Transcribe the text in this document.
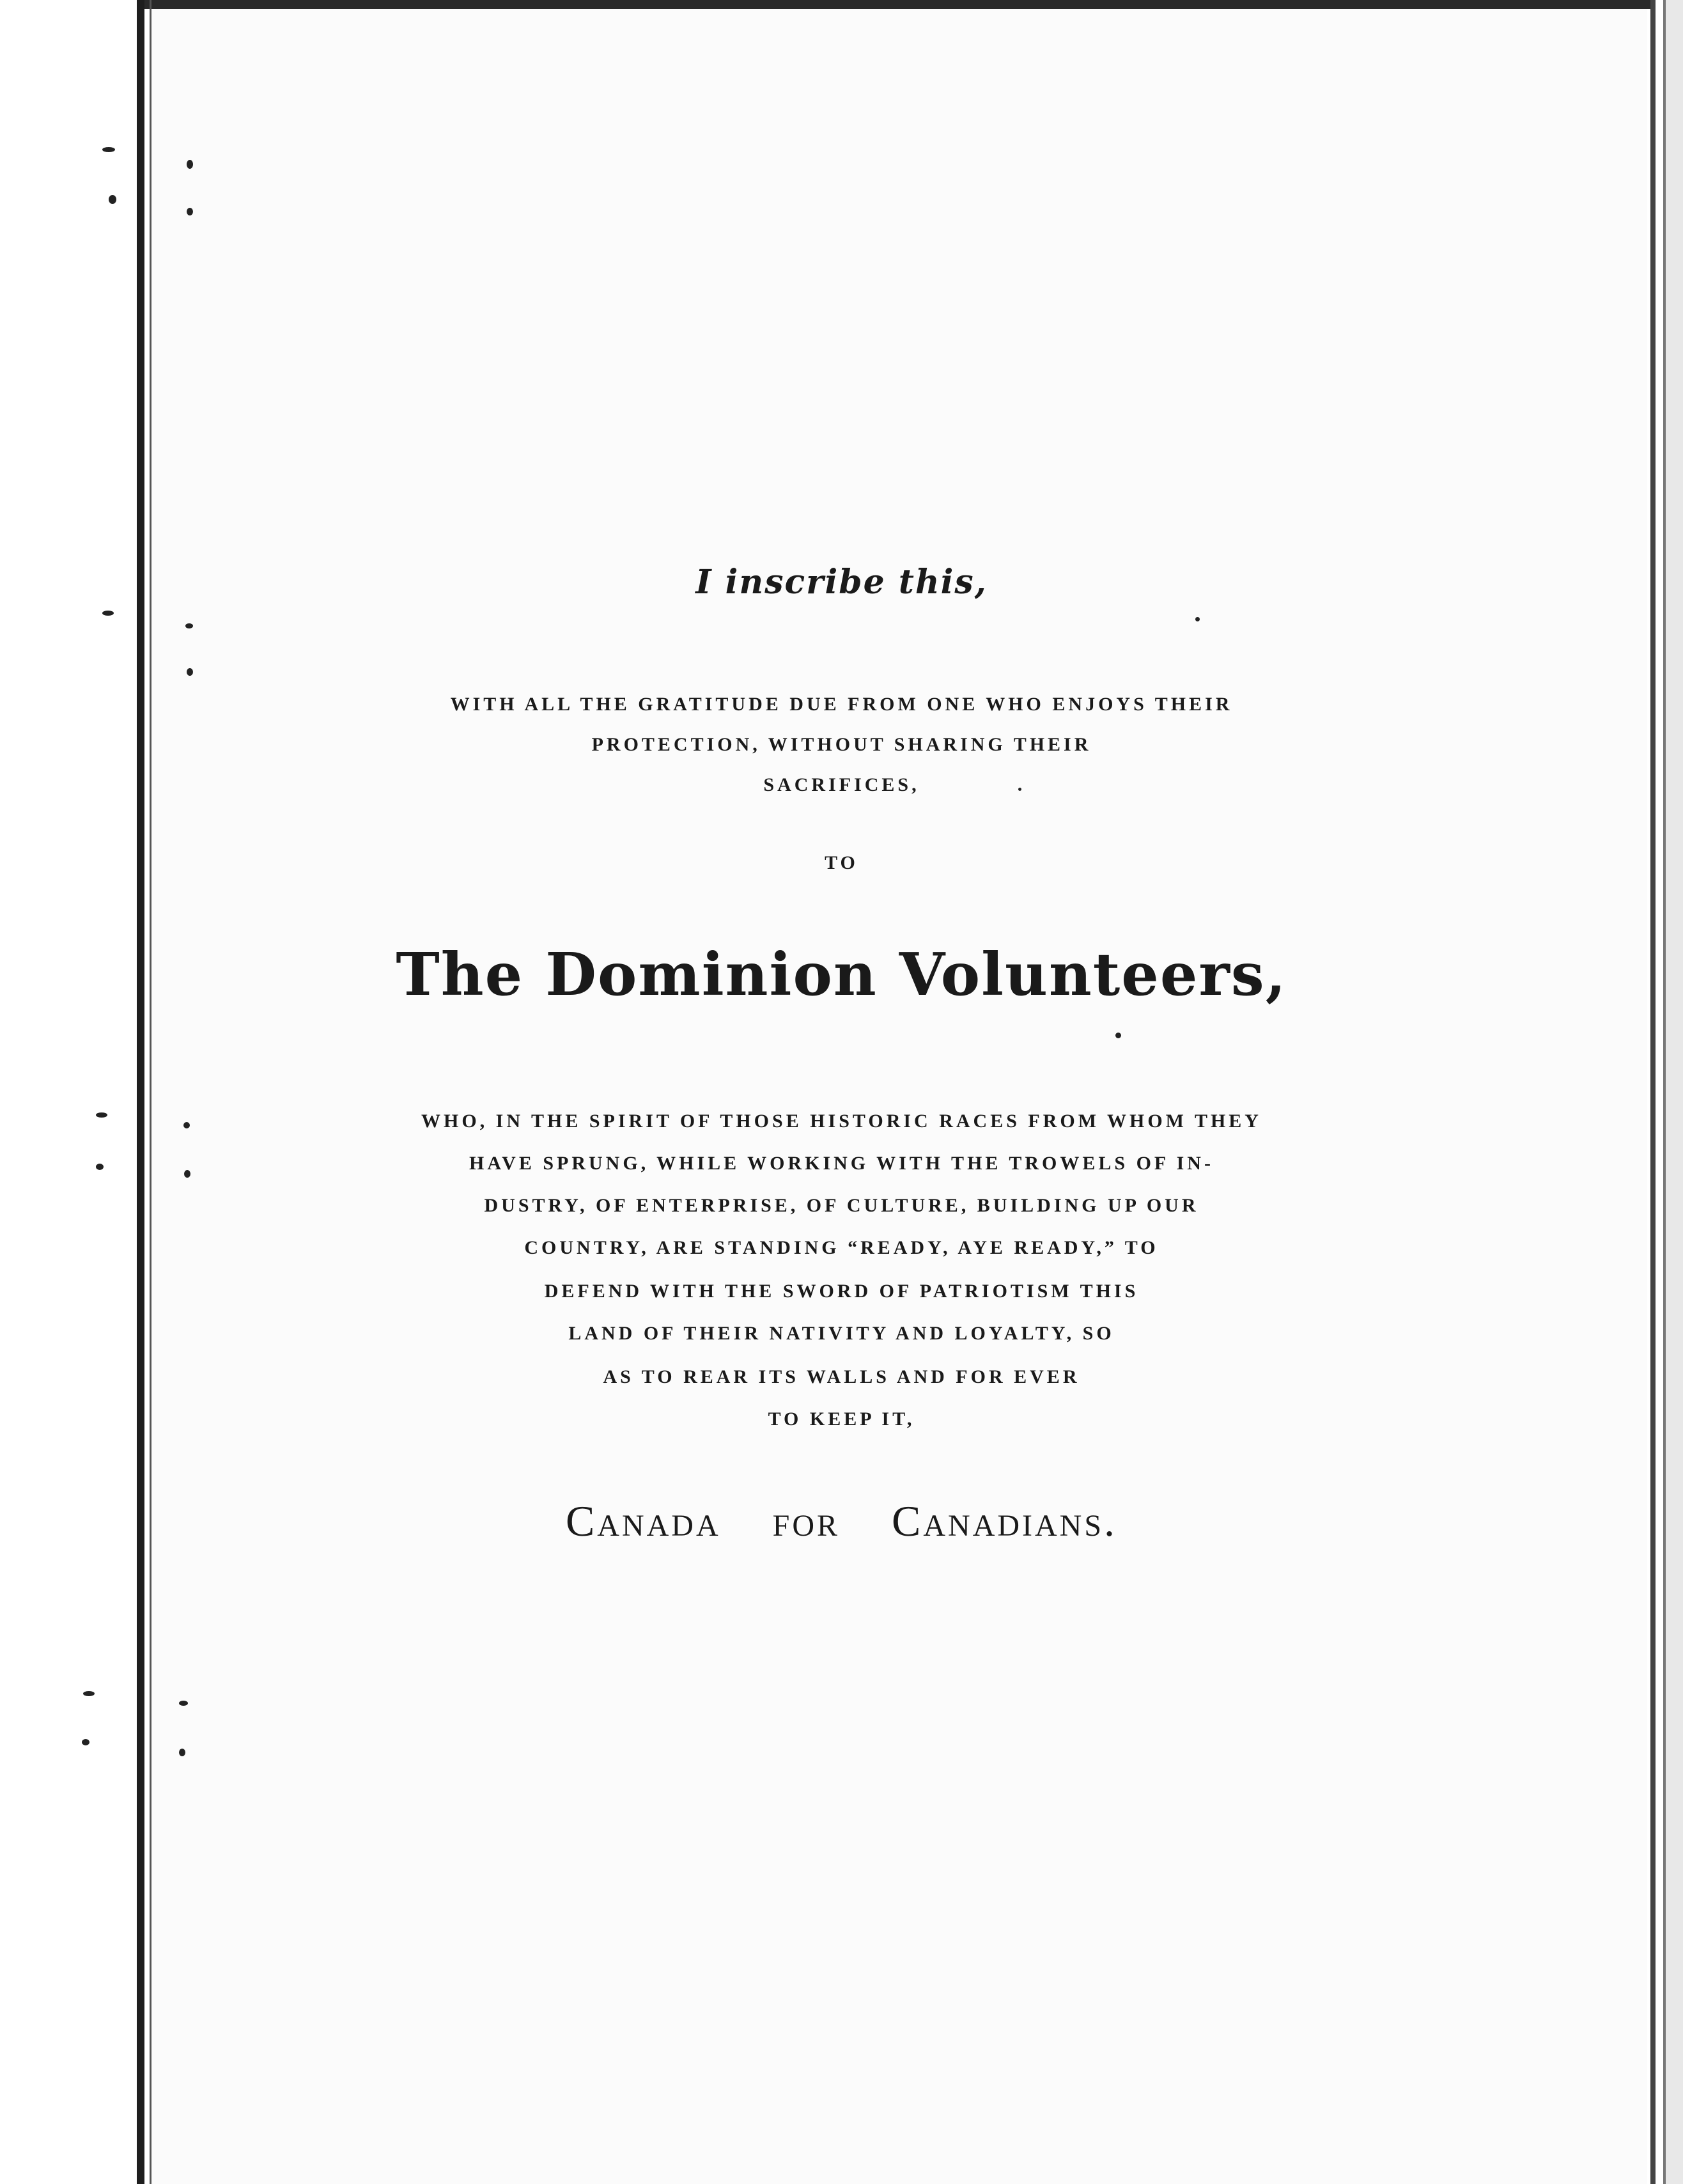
I inscribe this,
WITH ALL THE GRATITUDE DUE FROM ONE WHO ENJOYS THEIR
PROTECTION, WITHOUT SHARING THEIR
SACRIFICES,
TO
The Dominion Volunteers,
WHO, IN THE SPIRIT OF THOSE HISTORIC RACES FROM WHOM THEY
HAVE SPRUNG, WHILE WORKING WITH THE TROWELS OF IN-
DUSTRY, OF ENTERPRISE, OF CULTURE, BUILDING UP OUR
COUNTRY, ARE STANDING “READY, AYE READY,” TO
DEFEND WITH THE SWORD OF PATRIOTISM THIS
LAND OF THEIR NATIVITY AND LOYALTY, SO
AS TO REAR ITS WALLS AND FOR EVER
TO KEEP IT,
Canada for Canadians.
